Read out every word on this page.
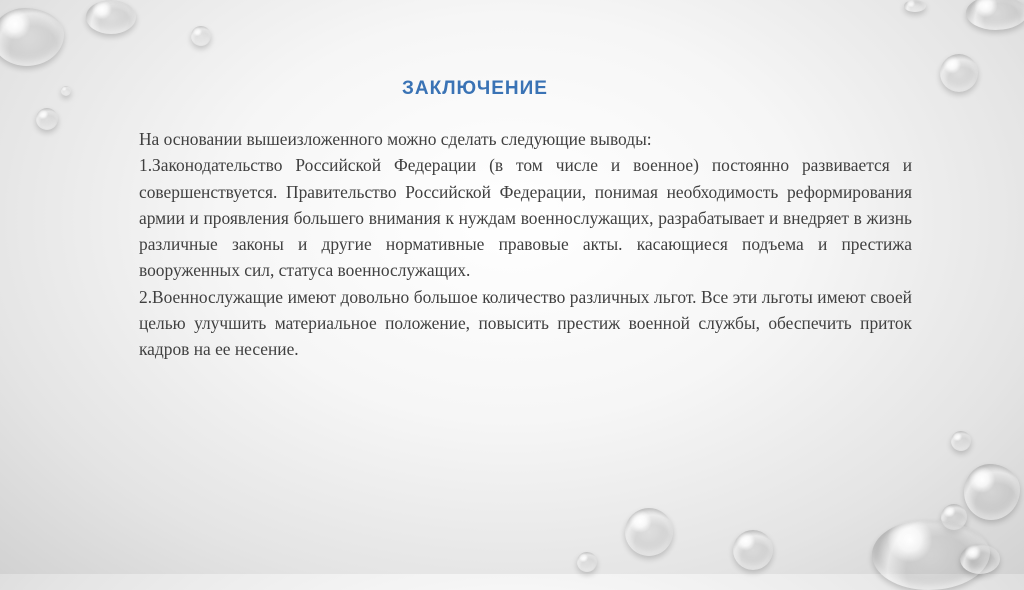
ЗАКЛЮЧЕНИЕ

На основании вышеизложенного можно сделать следующие выводы:

1.Законодательство Российской Федерации (в том числе и военное) постоянно развивается и совершенствуется. Правительство Российской Федерации, понимая необходимость реформирования армии и проявления большего внимания к нуждам военнослужащих, разрабатывает и внедряет в жизнь различные законы и другие нормативные правовые акты. касающиеся подъема и престижа вооруженных сил, статуса военнослужащих.

2.Военнослужащие имеют довольно большое количество различных льгот. Все эти льготы имеют своей целью улучшить материальное положение, повысить престиж военной службы, обеспечить приток кадров на ее несение.
